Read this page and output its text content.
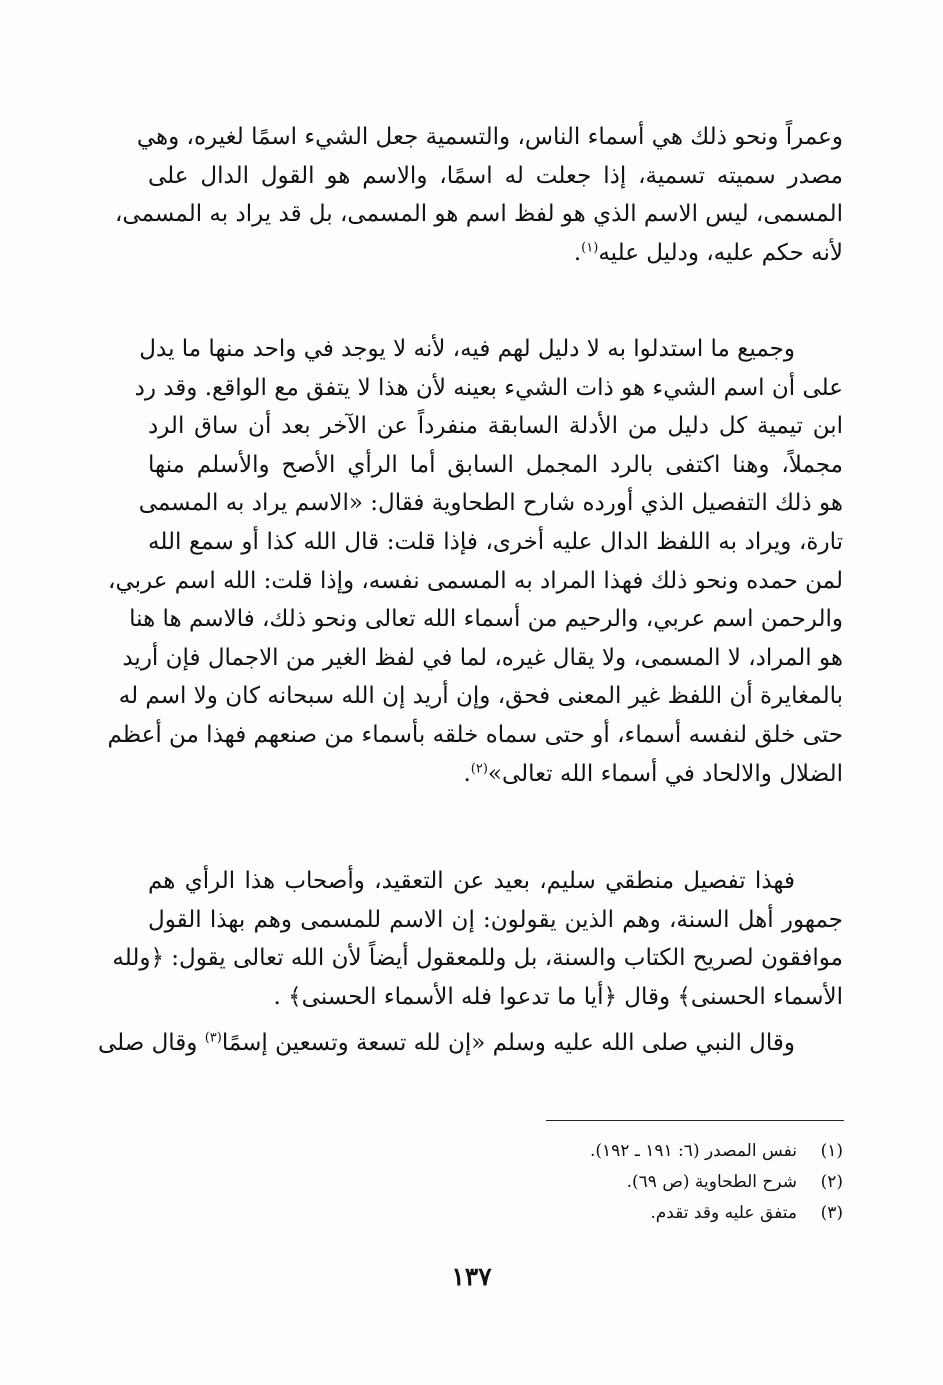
وعمراً ونحو ذلك هي أسماء الناس، والتسمية جعل الشيء اسمًا لغيره، وهي
مصدر سميته تسمية، إذا جعلت له اسمًا، والاسم هو القول الدال على
المسمى، ليس الاسم الذي هو لفظ اسم هو المسمى، بل قد يراد به المسمى،
لأنه حكم عليه، ودليل عليه$^{(١)}$.

وجميع ما استدلوا به لا دليل لهم فيه، لأنه لا يوجد في واحد منها ما يدل
على أن اسم الشيء هو ذات الشيء بعينه لأن هذا لا يتفق مع الواقع. وقد رد
ابن تيمية كل دليل من الأدلة السابقة منفرداً عن الآخر بعد أن ساق الرد
مجملاً، وهنا اكتفى بالرد المجمل السابق أما الرأي الأصح والأسلم منها
هو ذلك التفصيل الذي أورده شارح الطحاوية فقال: «الاسم يراد به المسمى
تارة، ويراد به اللفظ الدال عليه أخرى، فإذا قلت: قال الله كذا أو سمع الله
لمن حمده ونحو ذلك فهذا المراد به المسمى نفسه، وإذا قلت: الله اسم عربي،
والرحمن اسم عربي، والرحيم من أسماء الله تعالى ونحو ذلك، فالاسم ها هنا
هو المراد، لا المسمى، ولا يقال غيره، لما في لفظ الغير من الاجمال فإن أريد
بالمغايرة أن اللفظ غير المعنى فحق، وإن أريد إن الله سبحانه كان ولا اسم له
حتى خلق لنفسه أسماء، أو حتى سماه خلقه بأسماء من صنعهم فهذا من أعظم
الضلال والالحاد في أسماء الله تعالى»$^{(٢)}$.

فهذا تفصيل منطقي سليم، بعيد عن التعقيد، وأصحاب هذا الرأي هم
جمهور أهل السنة، وهم الذين يقولون: إن الاسم للمسمى وهم بهذا القول
موافقون لصريح الكتاب والسنة، بل وللمعقول أيضاً لأن الله تعالى يقول: ﴿ولله
الأسماء الحسنى﴾ وقال ﴿أيا ما تدعوا فله الأسماء الحسنى﴾ .

وقال النبي صلى الله عليه وسلم «إن لله تسعة وتسعين إسمًا$^{(٣)}$ وقال صلى

(١)نفس المصدر (٦: ١٩١ ـ ١٩٢).
(٢)شرح الطحاوية (ص ٦٩).
(٣)متفق عليه وقد تقدم.
١٣٧
